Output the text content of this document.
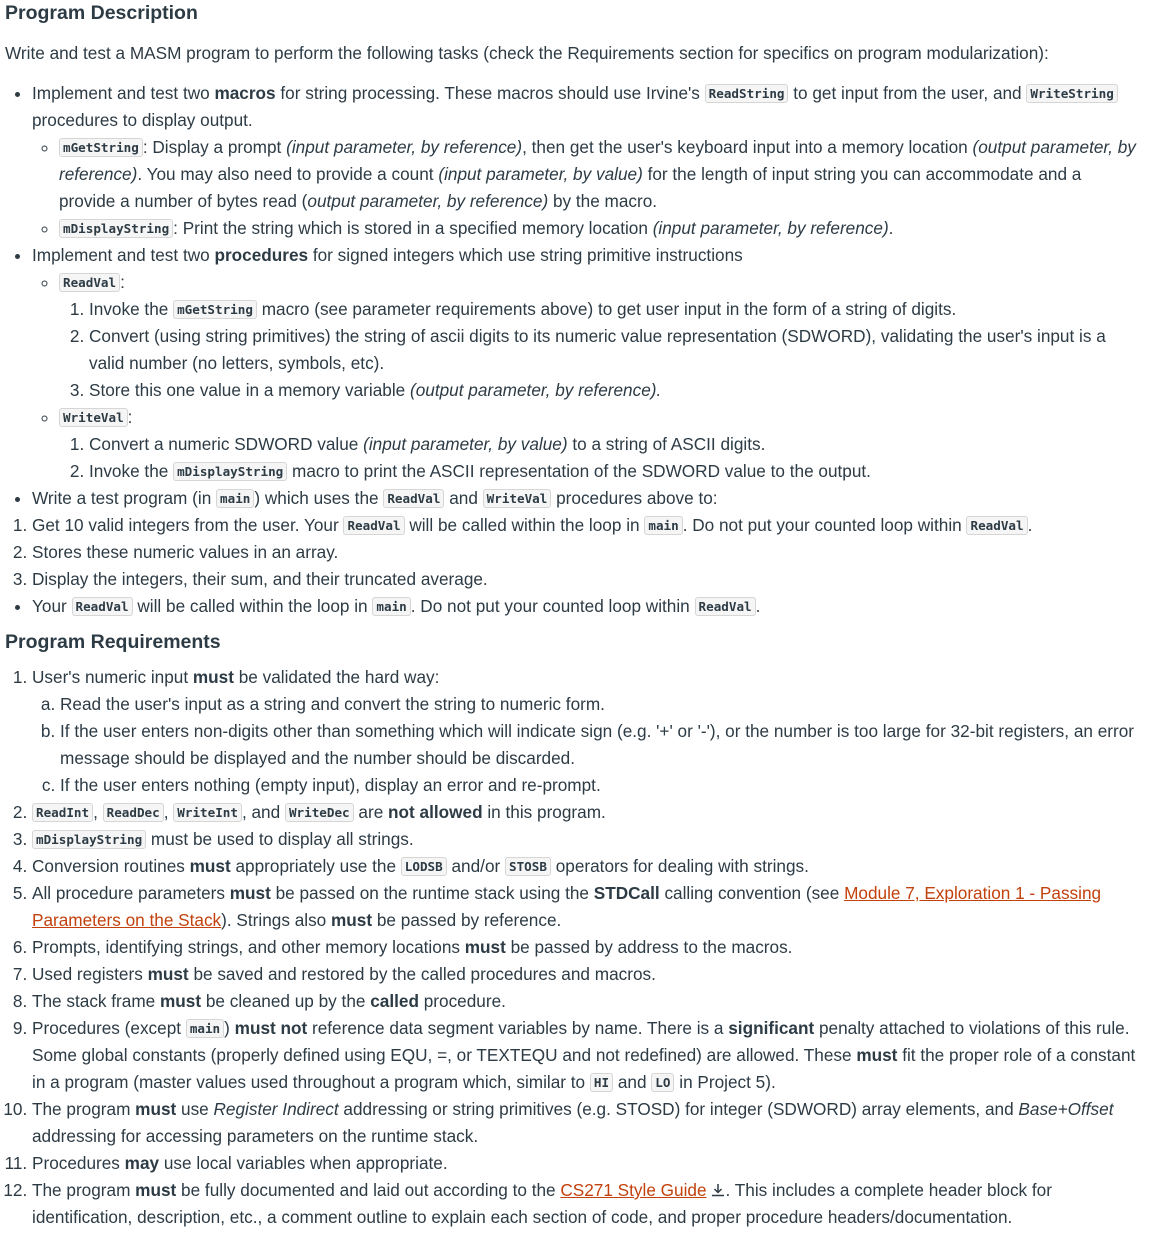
Program Description

Write and test a MASM program to perform the following tasks (check the Requirements section for specifics on program modularization):

• Implement and test two macros for string processing. These macros should use Irvine's ReadString to get input from the user, and WriteString procedures to display output.
◦ mGetString : Display a prompt (input parameter, by reference), then get the user's keyboard input into a memory location (output parameter, by reference). You may also need to provide a count (input parameter, by value) for the length of input string you can accommodate and a provide a number of bytes read (output parameter, by reference) by the macro.
◦ mDisplayString : Print the string which is stored in a specified memory location (input parameter, by reference).
• Implement and test two procedures for signed integers which use string primitive instructions
◦ ReadVal :
1. Invoke the mGetString macro (see parameter requirements above) to get user input in the form of a string of digits.
2. Convert (using string primitives) the string of ascii digits to its numeric value representation (SDWORD), validating the user's input is a valid number (no letters, symbols, etc).
3. Store this one value in a memory variable (output parameter, by reference).
◦ WriteVal :
1. Convert a numeric SDWORD value (input parameter, by value) to a string of ASCII digits.
2. Invoke the mDisplayString macro to print the ASCII representation of the SDWORD value to the output.
• Write a test program (in main ) which uses the ReadVal and WriteVal procedures above to:
1. Get 10 valid integers from the user. Your ReadVal will be called within the loop in main . Do not put your counted loop within ReadVal .
2. Stores these numeric values in an array.
3. Display the integers, their sum, and their truncated average.
• Your ReadVal will be called within the loop in main . Do not put your counted loop within ReadVal .
Program Requirements
1. User's numeric input must be validated the hard way:
a. Read the user's input as a string and convert the string to numeric form.
b. If the user enters non-digits other than something which will indicate sign (e.g. '+' or '-'), or the number is too large for 32-bit registers, an error message should be displayed and the number should be discarded.
c. If the user enters nothing (empty input), display an error and re-prompt.
2. ReadInt , ReadDec , WriteInt , and WriteDec are not allowed in this program.
3. mDisplayString must be used to display all strings.
4. Conversion routines must appropriately use the LODSB and/or STOSB operators for dealing with strings.
5. All procedure parameters must be passed on the runtime stack using the STDCall calling convention (see Module 7, Exploration 1 - Passing Parameters on the Stack). Strings also must be passed by reference.
6. Prompts, identifying strings, and other memory locations must be passed by address to the macros.
7. Used registers must be saved and restored by the called procedures and macros.
8. The stack frame must be cleaned up by the called procedure.
9. Procedures (except main ) must not reference data segment variables by name. There is a significant penalty attached to violations of this rule. Some global constants (properly defined using EQU, =, or TEXTEQU and not redefined) are allowed. These must fit the proper role of a constant in a program (master values used throughout a program which, similar to HI and LO in Project 5).
10. The program must use Register Indirect addressing or string primitives (e.g. STOSD) for integer (SDWORD) array elements, and Base+Offset addressing for accessing parameters on the runtime stack.
11. Procedures may use local variables when appropriate.
12. The program must be fully documented and laid out according to the CS271 Style Guide . This includes a complete header block for identification, description, etc., a comment outline to explain each section of code, and proper procedure headers/documentation.
